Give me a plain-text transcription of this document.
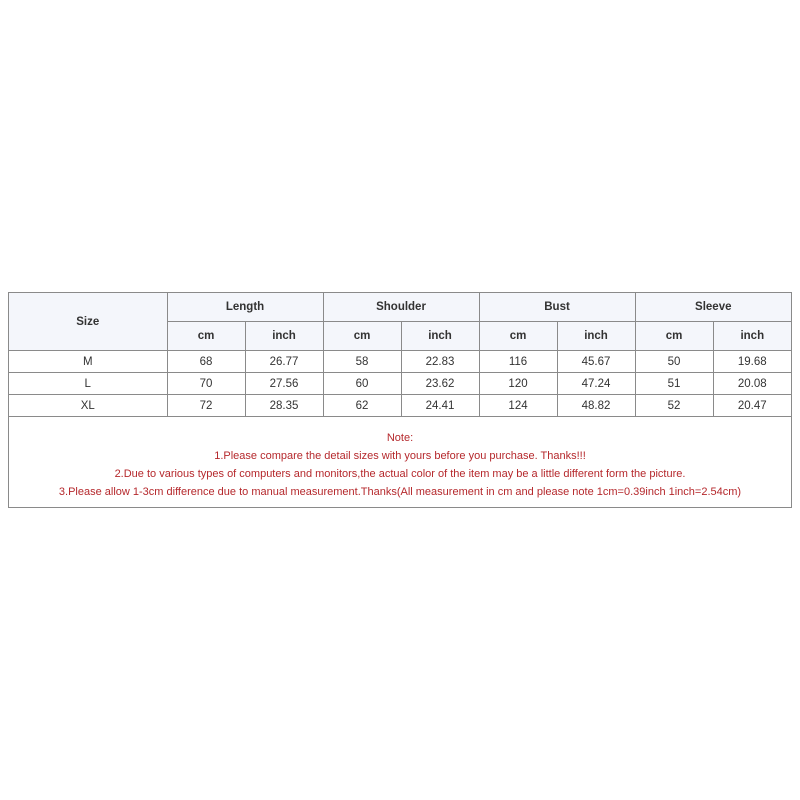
Size	Length		Shoulder		Bust		Sleeve	
	cm	inch	cm	inch	cm	inch	cm	inch
M	68	26.77	58	22.83	116	45.67	50	19.68
L	70	27.56	60	23.62	120	47.24	51	20.08
XL	72	28.35	62	24.41	124	48.82	52	20.47
Note:
1.Please compare the detail sizes with yours before you purchase. Thanks!!!
2.Due to various types of computers and monitors,the actual color of the item may be a little different form the picture.
3.Please allow 1-3cm difference due to manual measurement.Thanks(All measurement in cm and please note 1cm=0.39inch 1inch=2.54cm)
